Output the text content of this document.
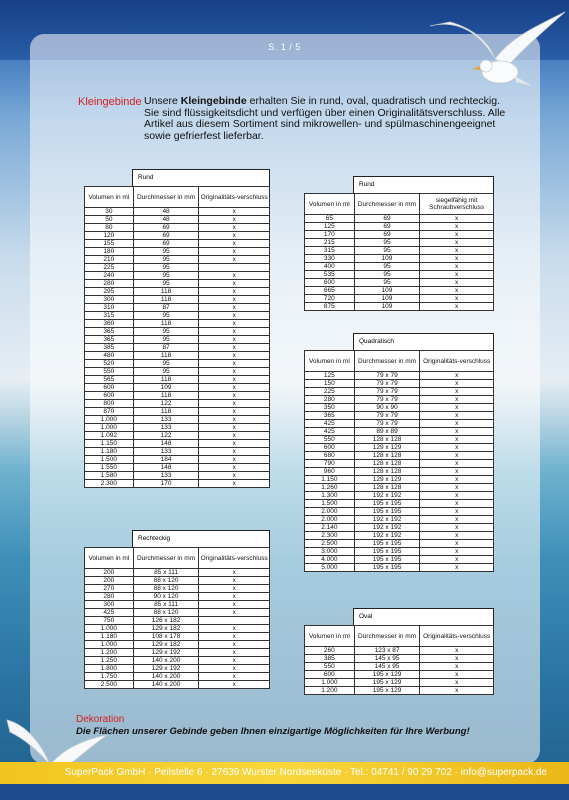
S. 1 / 5
Kleingebinde Unsere Kleingebinde erhalten Sie in rund, oval, quadratisch und rechteckig. Sie sind flüssigkeitsdicht und verfügen über einen Originalitätsverschluss. Alle Artikel aus diesem Sortiment sind mikrowellen- und spülmaschinengeeignet sowie gefrierfest lieferbar.
Rund
Volumen in ml	Durchmesser in mm	Originalitäts-verschluss
30	48	x
50	48	x
80	69	x
120	69	x
155	69	x
180	95	x
210	95	x
225	95	
240	95	x
280	95	x
295	118	x
300	118	x
310	87	x
315	95	x
360	118	x
365	95	x
365	95	x
385	87	x
480	118	x
520	95	x
550	95	x
565	118	x
600	109	x
600	118	x
800	122	x
870	118	x
1.000	133	x
1.000	133	x
1.092	122	x
1.150	148	x
1.180	133	x
1.500	184	x
1.550	148	x
1.580	133	x
2.300	170	x
Rechteckig
Volumen in ml	Durchmesser in mm	Originalitäts-verschluss
200	85 x 111	x
200	88 x 120	x
270	88 x 120	x
280	90 x 120	x
300	85 x 111	x
425	88 x 120	x
750	126 x 182	
1.000	129 x 182	x
1.180	108 x 178	x
1.000	129 x 182	x
1.200	129 x 192	x
1.250	140 x 200	x
1.800	129 x 192	x
1.750	140 x 200	x
2.500	140 x 200	x
Rund
Volumen in ml	Durchmesser in mm	siegelfähig mit Schraubverschluss
65	69	x
125	69	x
170	69	x
215	95	x
315	95	x
330	109	x
400	95	x
535	95	x
600	95	x
665	109	x
720	109	x
875	109	x
Quadratisch
Volumen in ml	Durchmesser in mm	Originalitäts-verschluss
125	79 x 79	x
150	79 x 79	x
225	79 x 79	x
280	79 x 79	x
350	90 x 90	x
365	79 x 79	x
425	79 x 79	x
425	89 x 89	x
550	128 x 128	x
600	129 x 129	x
680	128 x 128	x
790	128 x 128	x
960	128 x 128	x
1.150	129 x 129	x
1.260	128 x 128	x
1.300	192 x 192	x
1.500	195 x 195	x
2.000	195 x 195	x
2.000	192 x 192	x
2.140	192 x 192	x
2.300	192 x 192	x
2.500	195 x 195	x
3.000	195 x 195	x
4.000	195 x 195	x
5.000	195 x 195	x
Oval
Volumen in ml	Durchmesser in mm	Originalitäts-verschluss
260	123 x 87	x
385	145 x 95	x
550	145 x 95	x
600	195 x 129	x
1.000	195 x 129	x
1.200	195 x 129	x
Dekoration
Die Flächen unserer Gebinde geben Ihnen einzigartige Möglichkeiten für Ihre Werbung!
SuperPack GmbH · Peilstelle 6 · 27639 Wurster Nordseeküste · Tel.: 04741 / 90 29 702 · info@superpack.de
